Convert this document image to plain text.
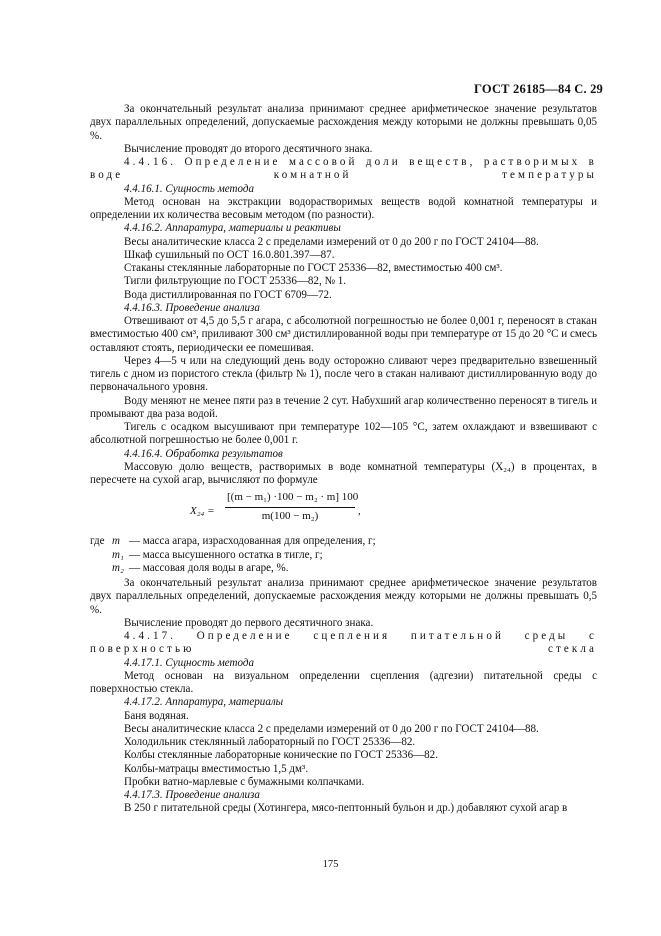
ГОСТ 26185—84 С. 29

За окончательный результат анализа принимают среднее арифметическое значение результатов двух параллельных определений, допускаемые расхождения между которыми не должны превышать 0,05 %.

Вычисление проводят до второго десятичного знака.

4.4.16. Определение массовой доли веществ, растворимых в воде комнатной температуры

4.4.16.1. Сущность метода

Метод основан на экстракции водорастворимых веществ водой комнатной температуры и определении их количества весовым методом (по разности).

4.4.16.2. Аппаратура, материалы и реактивы

Весы аналитические класса 2 с пределами измерений от 0 до 200 г по ГОСТ 24104—88.

Шкаф сушильный по ОСТ 16.0.801.397—87.

Стаканы стеклянные лабораторные по ГОСТ 25336—82, вместимостью 400 см³.

Тигли фильтрующие по ГОСТ 25336—82, № 1.

Вода дистиллированная по ГОСТ 6709—72.

4.4.16.3. Проведение анализа

Отвешивают от 4,5 до 5,5 г агара, с абсолютной погрешностью не более 0,001 г, переносят в стакан вместимостью 400 см³, приливают 300 см³ дистиллированной воды при температуре от 15 до 20 °С и смесь оставляют стоять, периодически ее помешивая.

Через 4—5 ч или на следующий день воду осторожно сливают через предварительно взвешенный тигель с дном из пористого стекла (фильтр № 1), после чего в стакан наливают дистиллированную воду до первоначального уровня.

Воду меняют не менее пяти раз в течение 2 сут. Набухший агар количественно переносят в тигель и промывают два раза водой.

Тигель с осадком высушивают при температуре 102—105 °С, затем охлаждают и взвешивают с абсолютной погрешностью не более 0,001 г.

4.4.16.4. Обработка результатов

Массовую долю веществ, растворимых в воде комнатной температуры (X₂₄) в процентах, в пересчете на сухой агар, вычисляют по формуле

X₂₄ =
[(m − m₁) ·100 − m₂ · m] 100
m(100 − m₂)	,
где m — масса агара, израсходованная для определения, г;
m₁ — масса высушенного остатка в тигле, г;
m₂ — массовая доля воды в агаре, %.

За окончательный результат анализа принимают среднее арифметическое значение результатов двух параллельных определений, допускаемые расхождения между которыми не должны превышать 0,5 %.

Вычисление проводят до первого десятичного знака.

4.4.17. Определение сцепления питательной среды с поверхностью стекла

4.4.17.1. Сущность метода

Метод основан на визуальном определении сцепления (адгезии) питательной среды с поверхностью стекла.

4.4.17.2. Аппаратура, материалы

Баня водяная.

Весы аналитические класса 2 с пределами измерений от 0 до 200 г по ГОСТ 24104—88.

Холодильник стеклянный лабораторный по ГОСТ 25336—82.

Колбы стеклянные лабораторные конические по ГОСТ 25336—82.

Колбы-матрацы вместимостью 1,5 дм³.

Пробки ватно-марлевые с бумажными колпачками.

4.4.17.3. Проведение анализа

В 250 г питательной среды (Хотингера, мясо-пептонный бульон и др.) добавляют сухой агар в

175
